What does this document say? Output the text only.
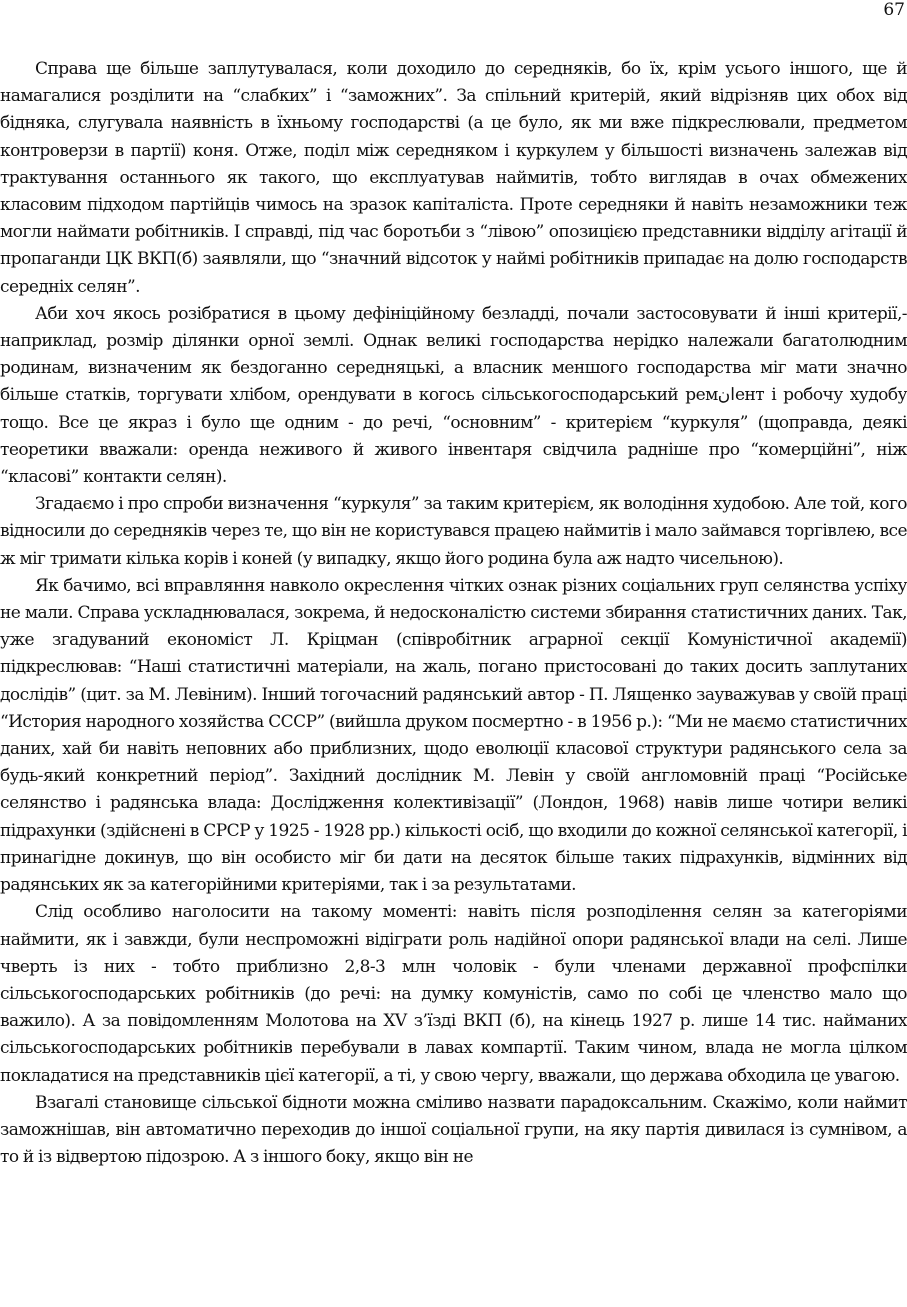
67

Справа ще більше заплутувалася, коли доходило до середняків, бо їх, крім усього іншого, ще й намагалися розділити на “слабких” і “заможних”. За спільний критерій, який відрізняв цих обох від бідняка, слугувала наявність в їхньому господарстві (а це було, як ми вже підкреслювали, предметом контроверзи в партії) коня. Отже, поділ між середняком і куркулем у більшості визначень залежав від трактування останнього як такого, що експлуатував наймитів, тобто виглядав в очах обмежених класовим підходом партійців чимось на зразок капіталіста. Проте середняки й навіть незаможники теж могли наймати робітників. І справді, під час боротьби з “лівою” опозицією представники відділу агітації й пропаганди ЦК ВКП(б) заявляли, що “значний відсоток у наймі робітників припадає на долю господарств середніх селян”.

Аби хоч якось розібратися в цьому дефініційному безладді, почали застосовувати й інші критерії,- наприклад, розмір ділянки орної землі. Однак великі господарства нерідко належали багатолюдним родинам, визначеним як бездоганно середняцькі, а власник меншого господарства міг мати значно більше статків, торгувати хлібом, орендувати в когось сільськогосподарський ремانент і робочу худобу тощо. Все це якраз і було ще одним - до речі, “основним” - критерієм “куркуля” (щоправда, деякі теоретики вважали: оренда неживого й живого інвентаря свідчила радніше про “комерційні”, ніж “класові” контакти селян).

Згадаємо і про спроби визначення “куркуля” за таким критерієм, як володіння худобою. Але той, кого відносили до середняків через те, що він не користувався працею наймитів і мало займався торгівлею, все ж міг тримати кілька корів і коней (у випадку, якщо його родина була аж надто чисельною).

Як бачимо, всі вправляння навколо окреслення чітких ознак різних соціальних груп селянства успіху не мали. Справа ускладнювалася, зокрема, й недосконалістю системи збирання статистичних даних. Так, уже згадуваний економіст Л. Кріцман (співробітник аграрної секції Комуністичної академії) підкреслював: “Наші статистичні матеріали, на жаль, погано пристосовані до таких досить заплутаних дослідів” (цит. за М. Левіним). Інший тогочасний радянський автор - П. Лященко зауважував у своїй праці “История народного хозяйства СССР” (вийшла друком посмертно - в 1956 р.): “Ми не маємо статистичних даних, хай би навіть неповних або приблизних, щодо еволюції класової структури радянського села за будь-який конкретний період”. Західний дослідник М. Левін у своїй англомовній праці “Російське селянство і радянська влада: Дослідження колективізації” (Лондон, 1968) навів лише чотири великі підрахунки (здійснені в СРСР у 1925 - 1928 рр.) кількості осіб, що входили до кожної селянської категорії, і принагідне докинув, що він особисто міг би дати на десяток більше таких підрахунків, відмінних від радянських як за категорійними критеріями, так і за результатами.

Слід особливо наголосити на такому моменті: навіть після розподілення селян за категоріями наймити, як і завжди, були неспроможні відіграти роль надійної опори радянської влади на селі. Лише чверть із них - тобто приблизно 2,8-3 млн чоловік - були членами державної профспілки сільськогосподарських робітників (до речі: на думку комуністів, само по собі це членство мало що важило). А за повідомленням Молотова на XV з’їзді ВКП (б), на кінець 1927 р. лише 14 тис. найманих сільськогосподарських робітників перебували в лавах компартії. Таким чином, влада не могла цілком покладатися на представників цієї категорії, а ті, у свою чергу, вважали, що держава обходила це увагою.

Взагалі становище сільської бідноти можна сміливо назвати парадоксальним. Скажімо, коли наймит заможнішав, він автоматично переходив до іншої соціальної групи, на яку партія дивилася із сумнівом, а то й із відвертою підозрою. А з іншого боку, якщо він не
